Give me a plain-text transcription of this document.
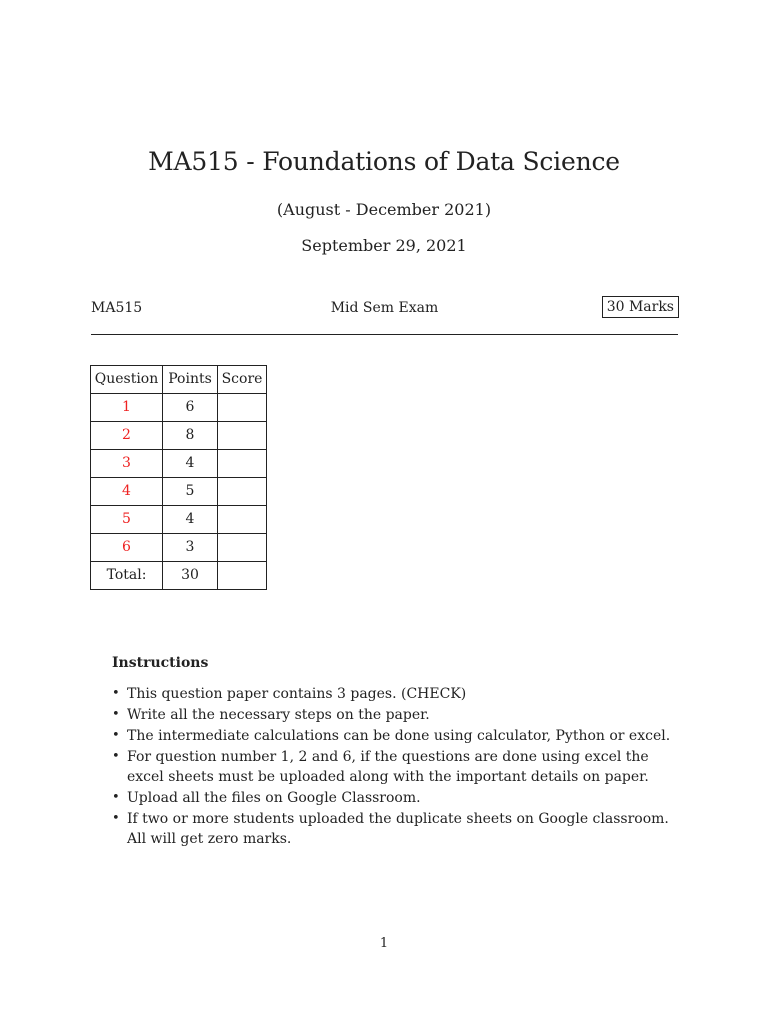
MA515 - Foundations of Data Science
(August - December 2021)
September 29, 2021
MA515	Mid Sem Exam	30 Marks
Question	Points	Score
1	6	
2	8	
3	4	
4	5	
5	4	
6	3	
Total:	30	
Instructions
• This question paper contains 3 pages. (CHECK)
• Write all the necessary steps on the paper.
• The intermediate calculations can be done using calculator, Python or excel.
• For question number 1, 2 and 6, if the questions are done using excel the excel sheets must be uploaded along with the important details on paper.
• Upload all the files on Google Classroom.
• If two or more students uploaded the duplicate sheets on Google classroom. All will get zero marks.
1
